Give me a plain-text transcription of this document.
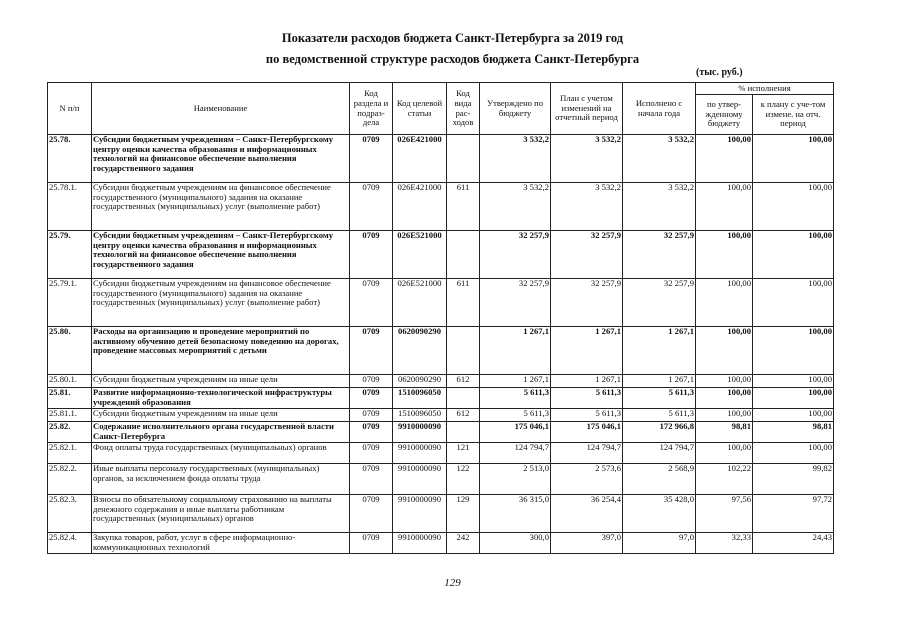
Показатели расходов бюджета Санкт-Петербурга за 2019 год
по ведомственной структуре расходов бюджета Санкт-Петербурга
(тыс. руб.)
N п/п	Наименование	Код раздела и подраз-дела	Код целевой статьи	Код вида рас-ходов	Утверждено по бюджету	План с учетом изменений на отчетный период	Исполнено с начала года	% исполнения	
								по утвер-жденному бюджету	к плану с уче-том измене. на отч. период
25.78.	Субсидии бюджетным учреждениям – Санкт-Петербургскому центру оценки качества образования и информационных технологий на финансовое обеспечение выполнения государственного задания	0709	026Е421000		3 532,2	3 532,2	3 532,2	100,00	100,00
25.78.1.	Субсидии бюджетным учреждениям на финансовое обеспечение государственного (муниципального) задания на оказание государственных (муниципальных) услуг (выполнение работ)	0709	026Е421000	611	3 532,2	3 532,2	3 532,2	100,00	100,00
25.79.	Субсидии бюджетным учреждениям – Санкт-Петербургскому центру оценки качества образования и информационных технологий на финансовое обеспечение выполнения государственного задания	0709	026Е521000		32 257,9	32 257,9	32 257,9	100,00	100,00
25.79.1.	Субсидии бюджетным учреждениям на финансовое обеспечение государственного (муниципального) задания на оказание государственных (муниципальных) услуг (выполнение работ)	0709	026Е521000	611	32 257,9	32 257,9	32 257,9	100,00	100,00
25.80.	Расходы на организацию и проведение мероприятий по активному обучению детей безопасному поведению на дорогах, проведение массовых мероприятий с детьми	0709	0620090290		1 267,1	1 267,1	1 267,1	100,00	100,00
25.80.1.	Субсидии бюджетным учреждениям на иные цели	0709	0620090290	612	1 267,1	1 267,1	1 267,1	100,00	100,00
25.81.	Развитие информационно-технологической инфраструктуры учреждений образования	0709	1510096050		5 611,3	5 611,3	5 611,3	100,00	100,00
25.81.1.	Субсидии бюджетным учреждениям на иные цели	0709	1510096050	612	5 611,3	5 611,3	5 611,3	100,00	100,00
25.82.	Содержание исполнительного органа государственной власти Санкт-Петербурга	0709	9910000090		175 046,1	175 046,1	172 966,8	98,81	98,81
25.82.1.	Фонд оплаты труда государственных (муниципальных) органов	0709	9910000090	121	124 794,7	124 794,7	124 794,7	100,00	100,00
25.82.2.	Иные выплаты персоналу государственных (муниципальных) органов, за исключением фонда оплаты труда	0709	9910000090	122	2 513,0	2 573,6	2 568,9	102,22	99,82
25.82.3.	Взносы по обязательному социальному страхованию на выплаты денежного содержания и иные выплаты работникам государственных (муниципальных) органов	0709	9910000090	129	36 315,0	36 254,4	35 428,0	97,56	97,72
25.82.4.	Закупка товаров, работ, услуг в сфере информационно-коммуникационных технологий	0709	9910000090	242	300,0	397,0	97,0	32,33	24,43
129
